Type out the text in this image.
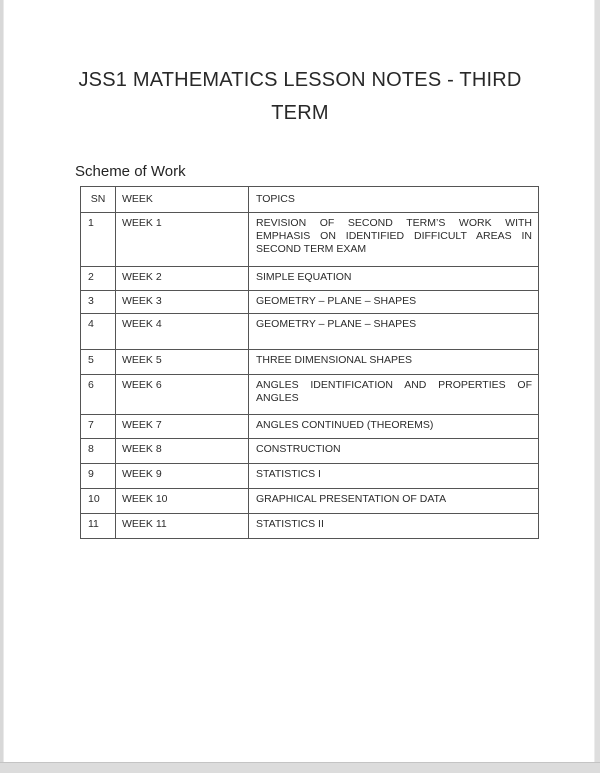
JSS1 MATHEMATICS LESSON NOTES - THIRD TERM
Scheme of Work
SN	WEEK	TOPICS
1	WEEK 1	REVISION OF SECOND TERM’S WORK WITH EMPHASIS ON IDENTIFIED DIFFICULT AREAS IN SECOND TERM EXAM
2	WEEK 2	SIMPLE EQUATION
3	WEEK 3	GEOMETRY – PLANE – SHAPES
4	WEEK 4	GEOMETRY – PLANE – SHAPES
5	WEEK 5	THREE DIMENSIONAL SHAPES
6	WEEK 6	ANGLES IDENTIFICATION AND PROPERTIES OF ANGLES
7	WEEK 7	ANGLES CONTINUED (THEOREMS)
8	WEEK 8	CONSTRUCTION
9	WEEK 9	STATISTICS I
10	WEEK 10	GRAPHICAL PRESENTATION OF DATA
11	WEEK 11	STATISTICS II
